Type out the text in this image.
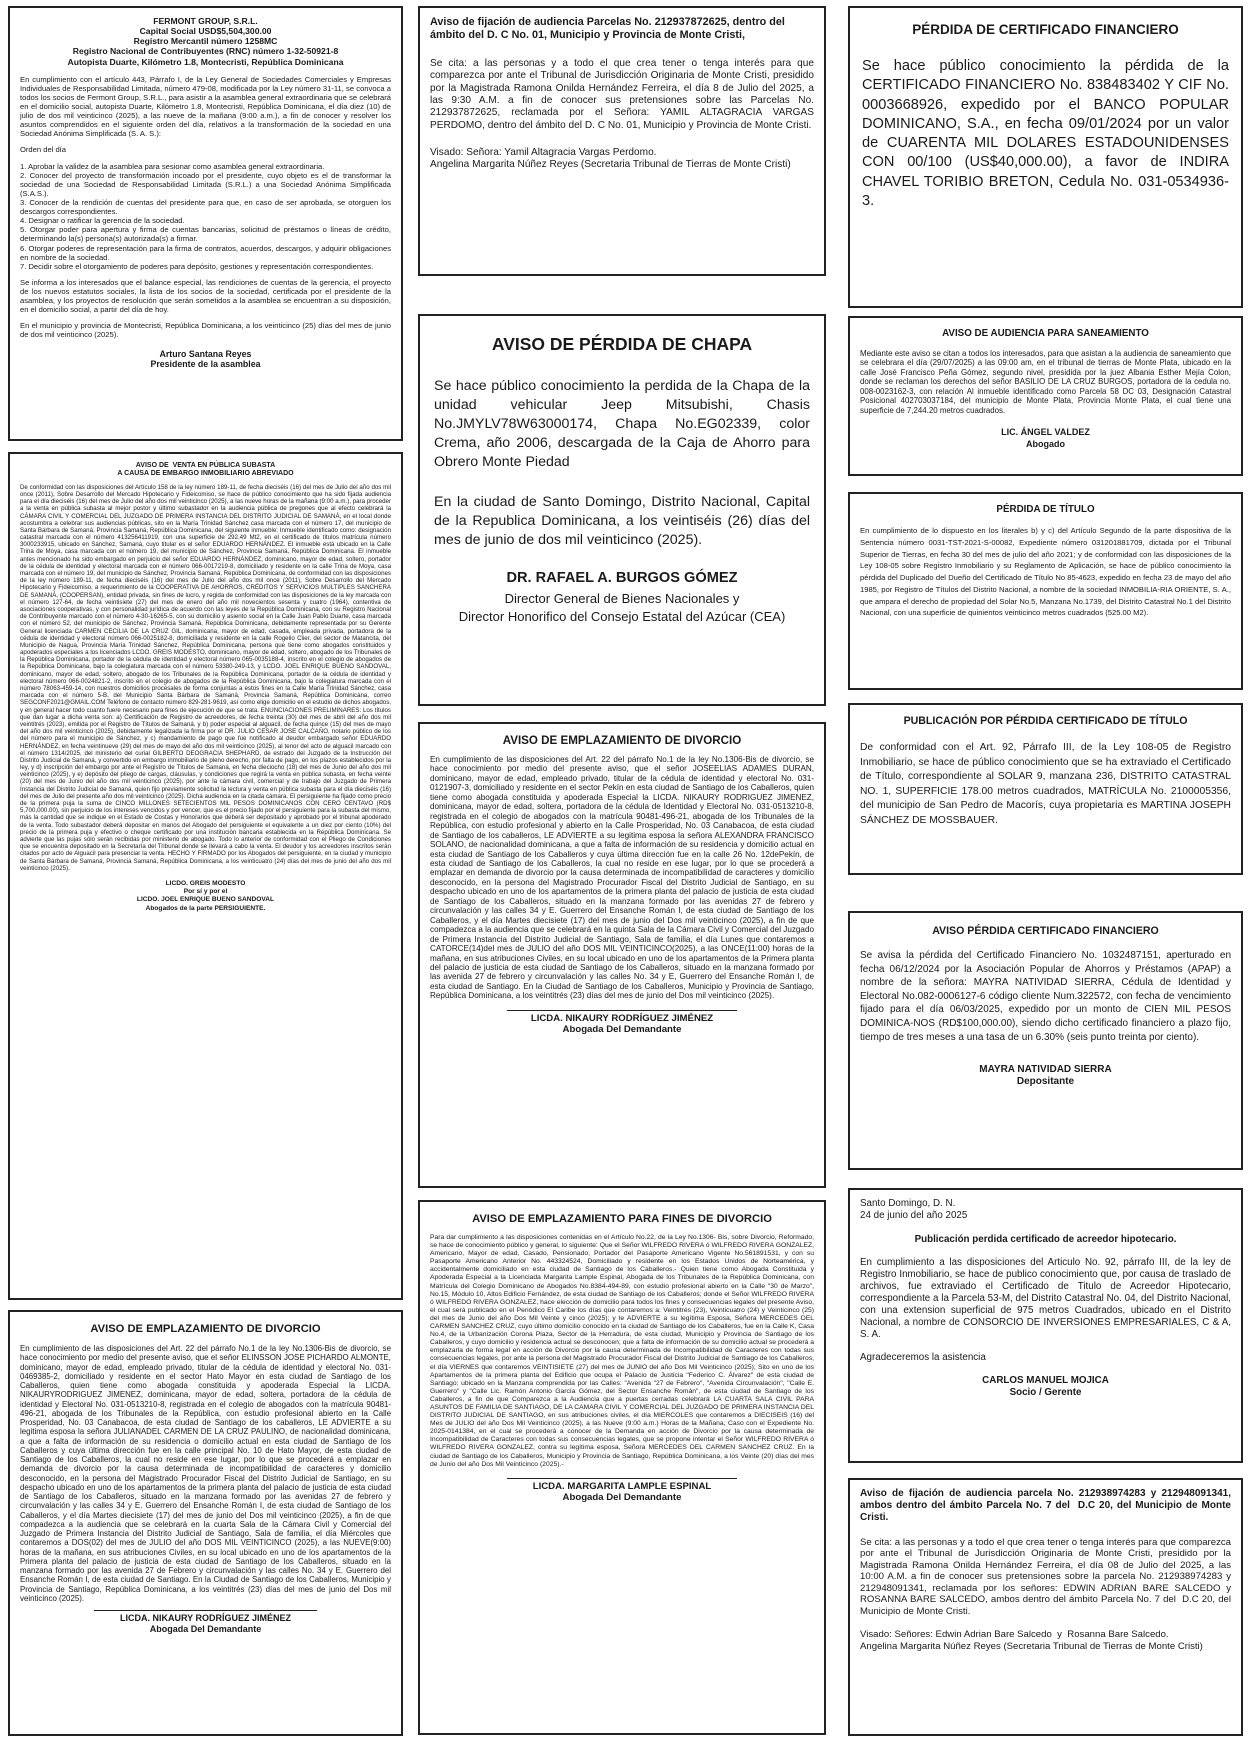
FERMONT GROUP, S.R.L.
Capital Social USD$5,504,300.00
Registro Mercantil número 1258MC
Registro Nacional de Contribuyentes (RNC) número 1-32-50921-8
Autopista Duarte, Kilómetro 1.8, Montecristi, República Dominicana

En cumplimiento con el artículo 443, Párrafo I, de la Ley General de Sociedades Comerciales y Empresas Individuales de Responsabilidad Limitada, número 479-08, modificada por la Ley número 31-11, se convoca a todos los socios de Fermont Group, S.R.L., para asistir a la asamblea general extraordinaria que se celebrará en el domicilio social, autopista Duarte, Kilómetro 1.8, Montecristi, República Dominicana, el día diez (10) de julio de dos mil veinticinco (2025), a las nueve de la mañana (9:00 a.m.), a fin de conocer y resolver los asuntos comprendidos en el siguiente orden del día, relativos a la transformación de la sociedad en una Sociedad Anónima Simplificada (S. A. S.):

Orden del día

1. Aprobar la validez de la asamblea para sesionar como asamblea general extraordinaria.
2. Conocer del proyecto de transformación incoado por el presidente, cuyo objeto es el de transformar la sociedad de una Sociedad de Responsabilidad Limitada (S.R.L.) a una Sociedad Anónima Simplificada (S.A.S.).
3. Conocer de la rendición de cuentas del presidente para que, en caso de ser aprobada, se otorguen los descargos correspondientes.
4. Designar o ratificar la gerencia de la sociedad.
5. Otorgar poder para apertura y firma de cuentas bancarias, solicitud de préstamos o líneas de crédito, determinando la(s) persona(s) autorizada(s) a firmar.
6. Otorgar poderes de representación para la firma de contratos, acuerdos, descargos, y adquirir obligaciones en nombre de la sociedad.
7. Decidir sobre el otorgamiento de poderes para depósito, gestiones y representación correspondientes.

Se informa a los interesados que el balance especial, las rendiciones de cuentas de la gerencia, el proyecto de los nuevos estatutos sociales, la lista de los socios de la sociedad, certificada por el presidente de la asamblea, y los proyectos de resolución que serán sometidos a la asamblea se encuentran a su disposición, en el domicilio social, a partir del día de hoy.

En el municipio y provincia de Montecristi, República Dominicana, a los veinticinco (25) días del mes de junio de dos mil veinticinco (2025).

Arturo Santana Reyes
Presidente de la asamblea

AVISO DE  VENTA EN PÚBLICA SUBASTA
A CAUSA DE EMBARGO INMOBILIARIO ABREVIADO

De conformidad con las disposiciones del Artículo 158 de la ley número 189-11, de fecha dieciséis (16) del mes de Julio del año dos mil once (2011), Sobre Desarrollo del Mercado Hipotecario y Fideicomiso, se hace de público conocimiento que ha sido fijada audiencia para el día dieciséis (16) del mes de Julio del año dos mil veinticinco (2025), a las nueve horas de la mañana (9:00 a.m.), para proceder a la venta en pública subasta al mejor postor y último subastador en la audiencia pública de pregones que al efecto celebrará la CÁMARA CIVIL Y COMERCIAL DEL JUZGADO DE PRIMERA INSTANCIA DEL DISTRITO JUDICIAL DE SAMANÁ, en el local donde acostumbra a celebrar sus audiencias públicas, sito en la María Trinidad Sánchez casa marcada con el número 17, del municipio de Santa Bárbara de Samaná, Provincia Samaná, República Dominicana, del siguiente inmueble: Inmueble identificado como: designación catastral marcada con el número 413256411919, con una superficie de 292.49 Mt2, en el certificado de títulos matrícula número 3000233915, ubicado en Sánchez, Samaná, cuyo titular es el señor EDUARDO HERNÁNDEZ. El inmueble está ubicado en la Calle Trina de Moya, casa marcada con el número 19, del municipio de Sánchez, Provincia Samaná, República Dominicana. El inmueble antes mencionado ha sido embargado en perjuicio del señor EDUARDO HERNÁNDEZ, dominicano, mayor de edad, soltero, portador de la cédula de identidad y electoral marcada con el número 066-0017219-8, domiciliado y residente en la calle Trina de Moya, casa marcada con el número 19, del municipio de Sánchez, Provincia Samaná, República Dominicana, de conformidad con las disposiciones de la ley número 189-11, de fecha dieciséis (16) del mes de Julio del año dos mil once (2011), Sobre Desarrollo del Mercado Hipotecario y Fideicomiso, a requerimiento de la COOPERATIVA DE AHORROS, CRÉDITOS Y SERVICIOS MULTIPLES SANCHERA DE SAMANÁ, (COOPERSAN), entidad privada, sin fines de lucro, y regida de conformidad con las disposiciones de la ley marcada con el número 127-64, de fecha veintisiete (27) del mes de enero del año mil novecientos sesenta y cuatro (1964), contentiva de asociaciones cooperativas, y con personalidad jurídica de acuerdo con las leyes de la República Dominicana, con su Registro Nacional de Contribuyente marcado con el número 4-30-16265-5, con su domicilio y asiento social en la Calle Juan Pablo Duarte, casa marcada con el número 52, del municipio de Sánchez, Provincia Samaná, República Dominicana, debidamente representada por su Gerente General licenciada CARMEN CECILIA DE LA CRUZ GIL, dominicana, mayor de edad, casada, empleada privada, portadora de la cédula de identidad y electoral número 066-0025182-8, domiciliada y residente en la calle Rogelio Clier, del sector de Matancita, del Municipio de Nagua, Provincia María Trinidad Sánchez, República Dominicana, persona que tiene como abogados constituidos y apoderados especiales a los licenciados LCDO. GREIS MODESTO, dominicano, mayor de edad, soltero, abogado de los Tribunales de la República Dominicana, portador de la cédula de identidad y electoral número 065-0035188-4, inscrito en el colegio de abogados de la República Dominicana, bajo la colegiatura marcada con el número 53380-249-13, y LCDO. JOEL ENRIQUE BUENO SANDOVAL, dominicano, mayor de edad, soltero, abogado de los Tribunales de la República Dominicana, portador de la cédula de identidad y electoral número 066-0024821-2, inscrito en el colegio de abogados de la República Dominicana, bajo la colegiatura marcada con el número 78063-459-14, con nuestros domicilios procesales de forma conjuntas a estos fines en la Calle María Trinidad Sánchez, casa marcada con el número 5-B, del Municipio Santa Bárbara de Samaná, Provincia Samaná, República Dominicana, correo SEGCONF2021@GMAIL.COM Teléfono de contacto número 829-281-9619, así como elige domicilio en el estudio de dichos abogados, y en general hacer todo cuanto fuere necesario para fines de ejecución de que se trata. ENUNCIACIONES PRELIMINARES: Los títulos que dan lugar a dicha venta son: a) Certificación de Registro de acreedores, de fecha treinta (30) del mes de abril del año dos mil veintitrés (2023), emitida por el Registro de Títulos de Samaná, y b) poder especial al alguacil, de fecha quince (15) del mes de mayo del año dos mil veinticinco (2025), debidamente legalizada la firma por el DR. JULIO CESAR JOSE CALCAÑO, notario público de los del número para el municipio de Sánchez, y c) mandamiento de pago que fue notificado al deudor embargado señor EDUARDO HERNÁNDEZ, en fecha veintinueve (29) del mes de mayo del año dos mil veinticinco (2025), al tenor del acto de alguacil marcado con el número 1314/2025, del ministerio del curial GILBERTO DEOGRACIA SHEPHARD, de estrado del Juzgado de la Instrucción del Distrito Judicial de Samaná, y convertido en embargo inmobiliario de pleno derecho, por falta de pago, en los plazos establecidos por la ley, y d) inscripción del embargo por ante el Registro de Títulos de Samaná, en fecha dieciocho (18) del mes de Junio del año dos mil veinticinco (2025), y e) depósito del pliego de cargas, cláusulas, y condiciones que regirá la venta en pública subasta, en fecha veinte (20) del mes de Junio del año dos mil veinticinco (2025), por ante la cámara civil, comercial y de trabajo del Juzgado de Primera Instancia del Distrito Judicial de Samaná, quien fijo previamente solicitud la lectura y venta en pública subasta para el día dieciséis (16) del mes de Julio del presente año dos mil veinticinco (2025). Dicha audiencia en la citada cámara. El persiguiente ha fijado como precio de la primera puja la suma de CINCO MILLONES SETECIENTOS MIL PESOS DOMINICANOS CON CERO CENTAVO (RD$ 5,700,000.00), sin perjuicio de los intereses vencidos y por vencer, que es el precio fijado por el persiguiente para la subasta del mismo, más la cantidad que se indique en el Estado de Costas y Honorarios que deberá ser depositado y aprobado por el tribunal apoderado de la venta. Todo subastador deberá depositar en manos del Abogado del persiguiente el equivalente a un diez por ciento (10%) del precio de la primera puja y efectivo o cheque certificado por una institución bancaria establecida en la República Dominicana. Se advierte que las pujas sólo serán recibidas por ministerio de abogado. Todo lo anterior de conformidad con el Pliego de Condiciones que se encuentra depositado en la Secretaría del Tribunal donde se llevará a cabo la venta. El deudor y los acreedores inscritos serán citados por acto de Alguacil para presenciar la venta. HECHO Y FIRMADO por los Abogados del persiguiente, en la ciudad y municipio de Santa Bárbara de Samaná, Provincia Samaná, República Dominicana, a los veinticuatro (24) días del mes de junio del año dos mil veinticinco (2025).

LICDO. GREIS MODESTO
Por sí y por el
LICDO. JOEL ENRIQUE BUENO SANDOVAL
Abogados de la parte PERSIGUIENTE.

AVISO DE EMPLAZAMIENTO DE DIVORCIO

En cumplimiento de las disposiciones del Art. 22 del párrafo No.1 de la ley No.1306-Bis de divorcio, se hace conocimiento por medio del presente aviso, que el señor ELINSSON JOSE PICHARDO ALMONTE, dominicano, mayor de edad, empleado privado, titular de la cédula de identidad y electoral No. 031-0469385-2, domiciliado y residente en el sector Hato Mayor en esta ciudad de Santiago de los Caballeros, quien tiene como abogada constituida y apoderada Especial la LICDA. NIKAURYRODRIGUEZ JIMENEZ, dominicana, mayor de edad, soltera, portadora de la cédula de identidad y Electoral No. 031-0513210-8, registrada en el colegio de abogados con la matrícula 90481-496-21, abogada de los Tribunales de la República, con estudio profesional abierto en la Calle Prosperidad, No. 03 Canabacoa, de esta ciudad de Santiago de los caballeros, LE ADVIERTE a su legitima esposa la señora JULIANADEL CARMEN DE LA CRUZ PAULINO, de nacionalidad dominicana, a que a falta de información de su residencia o domicilio actual en esta ciudad de Santiago de los Caballeros y cuya última dirección fue en la calle principal No. 10 de Hato Mayor, de esta ciudad de Santiago de los Caballeros, la cual no reside en ese lugar, por lo que se procederá a emplazar en demanda de divorcio por la causa determinada de incompatibilidad de caracteres y domicilio desconocido, en la persona del Magistrado Procurador Fiscal del Distrito Judicial de Santiago, en su despacho ubicado en uno de los apartamentos de la primera planta del palacio de justicia de esta ciudad de Santiago de los Caballeros, situado en la manzana formado por las avenidas 27 de febrero y circunvalación y las calles 34 y E. Guerrero del Ensanche Román I, de esta ciudad de Santiago de los Caballeros, y el día Martes diecisiete (17) del mes de junio del Dos mil veinticinco (2025), a fin de que compadezca a la audiencia que se celebrará en la cuarta Sala de la Cámara Civil y Comercial del Juzgado de Primera Instancia del Distrito Judicial de Santiago, Sala de familia, el día Miércoles que contaremos a DOS(02) del mes de JULIO del año DOS MIL VEINTICINCO (2025), a las NUEVE(9:00) horas de la mañana, en sus atribuciones Civiles, en su local ubicado en uno de los apartamentos de la Primera planta del palacio de justicia de esta ciudad de Santiago de los Caballeros, situado en la manzana formado por las avenida 27 de Febrero y circunvalación y las calles No. 34 y E. Guerrero del Ensanche Román I, de esta ciudad de Santiago. En la Ciudad de Santiago de los Caballeros, Municipio y Provincia de Santiago, República Dominicana, a los veintitrés (23) días del mes de junio del Dos mil veinticinco (2025).

LICDA. NIKAURY RODRÍGUEZ JIMÉNEZ
Abogada Del Demandante

Aviso de fijación de audiencia Parcelas No. 212937872625, dentro del ámbito del D. C No. 01, Municipio y Provincia de Monte Cristi,

Se cita: a las personas y a todo el que crea tener o tenga interés para que comparezca por ante el Tribunal de Jurisdicción Originaria de Monte Cristi, presidido por la Magistrada Ramona Onilda Hernández Ferreira, el día 8 de Julio del 2025, a las 9:30 A.M. a fin de conocer sus pretensiones sobre las Parcelas No. 212937872625, reclamada por el Señora: YAMIL ALTAGRACIA VARGAS PERDOMO, dentro del ámbito del D. C No. 01, Municipio y Provincia de Monte Cristi.

Visado: Señora: Yamil Altagracia Vargas Perdomo.
Angelina Margarita Núñez Reyes (Secretaria Tribunal de Tierras de Monte Cristi)

AVISO DE PÉRDIDA DE CHAPA

Se hace público conocimiento la perdida de la Chapa de la unidad vehicular Jeep Mitsubishi, Chasis No.JMYLV78W63000174, Chapa No.EG02339, color Crema, año 2006, descargada de la Caja de Ahorro para Obrero Monte Piedad

En la ciudad de Santo Domingo, Distrito Nacional, Capital de la Republica Dominicana, a los veintiséis (26) días del mes de junio de dos mil veinticinco (2025).

DR. RAFAEL A. BURGOS GÓMEZ

Director General de Bienes Nacionales y
Director Honorifico del Consejo Estatal del Azúcar (CEA)

AVISO DE EMPLAZAMIENTO DE DIVORCIO

En cumplimiento de las disposiciones del Art. 22 del párrafo No.1 de la ley No.1306-Bis de divorcio, se hace conocimiento por medio del presente aviso, que el señor JOSEELIAS ADAMES DURAN, dominicano, mayor de edad, empleado privado, titular de la cédula de identidad y electoral No. 031-0121907-3, domiciliado y residente en el sector Pekín en esta ciudad de Santiago de los Caballeros, quien tiene como abogada constituida y apoderada Especial la LICDA. NIKAURY RODRIGUEZ JIMENEZ, dominicana, mayor de edad, soltera, portadora de la cédula de Identidad y Electoral No. 031-0513210-8, registrada en el colegio de abogados con la matrícula 90481-496-21, abogada de los Tribunales de la República, con estudio profesional y abierto en la Calle Prosperidad, No. 03 Canabacoa, de esta ciudad de Santiago de los caballeros, LE ADVIERTE a su legitima esposa la señora ALEXANDRA FRANCISCO SOLANO, de nacionalidad dominicana, a que a falta de información de su residencia y domicilio actual en esta ciudad de Santiago de los Caballeros y cuya última dirección fue en la calle 26 No. 12dePekín, de esta ciudad de Santiago de los Caballeros, la cual no reside en ese lugar, por lo que se procederá a emplazar en demanda de divorcio por la causa determinada de incompatibilidad de caracteres y domicilio desconocido, en la persona del Magistrado Procurador Fiscal del Distrito Judicial de Santiago, en su despacho ubicado en uno de los apartamentos de la primera planta del palacio de justicia de esta ciudad de Santiago de los Caballeros, situado en la manzana formado por las avenidas 27 de febrero y circunvalación y las calles 34 y E. Guerrero del Ensanche Román I, de esta ciudad de Santiago de los Caballeros, y el día Martes diecisiete (17) del mes de junio del Dos mil veinticinco (2025), a fin de que compadezca a la audiencia que se celebrará en la quinta Sala de la Cámara Civil y Comercial del Juzgado de Primera Instancia del Distrito Judicial de Santiago, Sala de familia, el día Lunes que contaremos a CATORCE(14)del mes de JULIO del año DOS MIL VEINTICINCO(2025), a las ONCE(11:00) horas de la mañana, en sus atribuciones Civiles, en su local ubicado en uno de los apartamentos de la Primera planta del palacio de justicia de esta ciudad de Santiago de los Caballeros, situado en la manzana formado por las avenida 27 de febrero y circunvalación y las calles No. 34 y E, Guerrero del Ensanche Román I, de esta ciudad de Santiago. En la Ciudad de Santiago de los Caballeros, Municipio y Provincia de Santiago, República Dominicana, a los veintitrés (23) días del mes de junio del Dos mil veinticinco (2025).

LICDA. NIKAURY RODRÍGUEZ JIMÉNEZ
Abogada Del Demandante

AVISO DE EMPLAZAMIENTO PARA FINES DE DIVORCIO

Para dar cumplimiento a las disposiciones contenidas en el Artículo No.22, de la Ley No.1306- Bis, sobre Divorcio, Reformado, se hace de conocimiento público y general, lo siguiente: Que el Señor WILFREDO RIVERA ó WILFREDO RIVERA GONZALEZ, Americano, Mayor de edad, Casado, Pensionado, Portador del Pasaporte Americano Vigente No.561891531, y con su Pasaporte Americano Anterior No. 443324524, Domiciliado y residente en los Estados Unidos de Norteamérica, y accidentalmente domiciliado en esta ciudad de Santiago de los Caballeros.- Quien tiene como Abogada Constituida y Apoderada Especial a la Licenciada Margarita Lample Espinal, Abogada de los Tribunales de la República Dominicana, con Matrícula del Colegio Dominicano de Abogados No.8384-494-89, con estudio profesional abierto en la Calle "30 de Marzo", No.15, Módulo 10, Altos Edificio Fernández, de esta ciudad de Santiago de los Caballeros; donde el Señor WILFREDO RIVERA ó WILFREDO RIVERA GONZALEZ, hace elección de domicilio para todos los fines y consecuencias legales del presente Aviso, el cual será publicado en el Periódico El Caribe los días que contaremos a: Veintitrés (23), Veinticuatro (24) y Veinticinco (25) del mes de Junio del año Dos Mil Veinte y cinco (2025); y le ADVIERTE a su legítima Esposa, Señora MERCEDES DEL CARMEN SANCHEZ CRUZ, cuyo último domicilio conocido en la ciudad de Santiago de los Caballeros, fue en la Calle K, Casa No.4, de la Urbanización Corona Plaza, Sector de la Herradura, de esta ciudad, Municipio y Provincia de Santiago de los Caballeros, y cuyo domicilio y residencia actual se desconocen; que a falta de información de su domicilio actual se procederá a emplazarla de forma legal en acción de Divorcio por la causa determinada de Incompatibilidad de Caracteres con todas sus consecuencias legales, por ante la persona del Magistrado Procurador Fiscal del Distrito Judicial de Santiago de los Caballeros, el día VIERNES que contaremos VEINTISIETE (27) del mes de JUNIO del año Dos Mil Veinticinco (2025); Sito en uno de los Apartamentos de la primera planta del Edificio que ocupa el Palacio de Justicia "Federico C. Álvarez" de esta ciudad de Santiago; ubicado en la Manzana comprendida por las Calles: "Avenida "27 de Febrero", "Avenida Circunvalación", "Calle E. Guerrero" y "Calle Lic. Ramón Antonio García Gómez, del Sector Ensanche Román", de esta ciudad de Santiago de los Caballeros, a fin de que Comparezca a la Audiencia que a puertas cerradas celebrará LA CUARTA SALA CIVIL PARA ASUNTOS DE FAMILIA DE SANTIAGO, DE LA CAMARA CIVIL Y COMERCIAL DEL JUZGADO DE PRIMERA INSTANCIA DEL DISTRITO JUDICIAL DE SANTIAGO, en sus atribuciones civiles, el día MIERCOLES que contaremos a DIECISEIS (16) del Mes de JULIO del año Dos Mil Veinticinco (2025), a las Nueve (9:00 a.m.) Horas de la Mañana, Caso con el Expediente No. 2025-0141384, en el cual se procederá a conocer de la Demanda en acción de Divorcio por la causa determinada de Incompatibilidad de Caracteres con todas sus consecuencias legales, que se propone intentar el Señor WILFREDO RIVERA ó WILFREDO RIVERA GONZALEZ, contra su legítima esposa, Señora MERCEDES DEL CARMEN SANCHEZ CRUZ. En la ciudad de Santiago de los Caballeros, Municipio y Provincia de Santiago, República Dominicana, a los Veinte (20) días del mes de Junio del año Dos Mil Veinticinco (2025).-

LICDA. MARGARITA LAMPLE ESPINAL
Abogada Del Demandante

PÉRDIDA DE CERTIFICADO FINANCIERO

Se hace público conocimiento la pérdida de la CERTIFICADO FINANCIERO No. 838483402 Y CIF No. 0003668926, expedido por el BANCO POPULAR DOMINICANO, S.A., en fecha 09/01/2024 por un valor de CUARENTA MIL DOLARES ESTADOUNIDENSES CON 00/100 (US$40,000.00), a favor de INDIRA CHAVEL TORIBIO BRETON, Cedula No. 031-0534936-3.

AVISO DE AUDIENCIA PARA SANEAMIENTO

Mediante este aviso se citan a todos los interesados, para que asistan a la audiencia de saneamiento que se celebrara el día (29/07/2025) a las 09:00 am, en el tribunal de tierras de Monte Plata, ubicado en la calle José Francisco Peña Gómez, segundo nivel, presidida por la juez Albania Esther Mejía Colon, donde se reclaman los derechos del señor BASILIO DE LA CRUZ BURGOS, portadora de la cedula no. 008-0023162-3, con relación Al inmueble identificado como Parcela 58 DC 03, Designación Catastral Posicional 402703037184, del municipio de Monte Plata, Provincia Monte Plata, el cual tiene una superficie de 7,244.20 metros cuadrados.

LIC. ÁNGEL VALDEZ
Abogado

PÉRDIDA DE TÍTULO

En cumplimiento de lo dispuesto en los literales b) y c) del Artículo Segundo de la parte dispositiva de la Sentencia número 0031-TST-2021-S-00082, Expediente número 031201881709, dictada por el Tribunal Superior de Tierras, en fecha 30 del mes de julio del año 2021; y de conformidad con las disposiciones de la Ley 108-05 sobre Registro Inmobiliario y su Reglamento de Aplicación, se hace de público conocimiento la pérdida del Duplicado del Dueño del Certificado de Título No 85-4623, expedido en fecha 23 de mayo del año 1985, por Registro de Títulos del Distrito Nacional, a nombre de la sociedad INMOBILIA-RIA ORIENTE, S. A., que ampara el derecho de propiedad del Solar No.5, Manzana No.1739, del Distrito Catastral No.1 del Distrito Nacional, con una superficie de quinientos veinticinco metros cuadrados (525.00 M2).

PUBLICACIÓN POR PÉRDIDA CERTIFICADO DE TÍTULO

De conformidad con el Art. 92, Párrafo III, de la Ley 108-05 de Registro Inmobiliario, se hace de público conocimiento que se ha extraviado el Certificado de Título, correspondiente al SOLAR 9, manzana 236, DISTRITO CATASTRAL NO. 1, SUPERFICIE 178.00 metros cuadrados, MATRÍCULA No. 2100005356, del municipio de San Pedro de Macorís, cuya propietaria es MARTINA JOSEPH SÁNCHEZ DE MOSSBAUER.

AVISO PÉRDIDA CERTIFICADO FINANCIERO

Se avisa la pérdida del Certificado Financiero No. 1032487151, aperturado en fecha 06/12/2024 por la Asociación Popular de Ahorros y Préstamos (APAP) a nombre de la señora: MAYRA NATIVIDAD SIERRA, Cédula de Identidad y Electoral No.082-0006127-6 código cliente Num.322572, con fecha de vencimiento fijado para el día 06/03/2025, expedido por un monto de CIEN MIL PESOS DOMINICA-NOS (RD$100,000.00), siendo dicho certificado financiero a plazo fijo, tiempo de tres meses a una tasa de un 6.30% (seis punto treinta por ciento).

MAYRA NATIVIDAD SIERRA
Depositante

Santo Domingo, D. N.
24 de junio del año 2025

Publicación perdida certificado de acreedor hipotecario.

En cumplimiento a las disposiciones del Articulo No. 92, párrafo III, de la ley de Registro Inmobiliario, se hace de publico conocimiento que, por causa de traslado de archivos, fue extraviado el Certificado de Titulo de Acreedor Hipotecario, correspondiente a la Parcela 53-M, del Distrito Catastral No. 04, del Distrito Nacional, con una extension superficial de 975 metros Cuadrados, ubicado en el Distrito Nacional, a nombre de CONSORCIO DE INVERSIONES EMPRESARIALES, C & A, S. A.

Agradeceremos la asistencia

CARLOS MANUEL MOJICA
Socio / Gerente

Aviso de fijación de audiencia parcela No. 212938974283 y 212948091341, ambos dentro del ámbito Parcela No. 7 del  D.C 20, del Municipio de Monte Cristi.

Se cita: a las personas y a todo el que crea tener o tenga interés para que comparezca por ante el Tribunal de Jurisdicción Originaria de Monte Cristi, presidido por la Magistrada Ramona Onilda Hernández Ferreira, el día 08 de Julio del 2025, a las 10:00 A.M. a fin de conocer sus pretensiones sobre la parcela No. 212938974283 y 212948091341, reclamada por los señores: EDWIN ADRIAN BARE SALCEDO y ROSANNA BARE SALCEDO, ambos dentro del ámbito Parcela No. 7 del  D.C 20, del Municipio de Monte Cristi.

Visado: Señores: Edwin Adrian Bare Salcedo  y  Rosanna Bare Salcedo.
Angelina Margarita Núñez Reyes (Secretaria Tribunal de Tierras de Monte Cristi)
